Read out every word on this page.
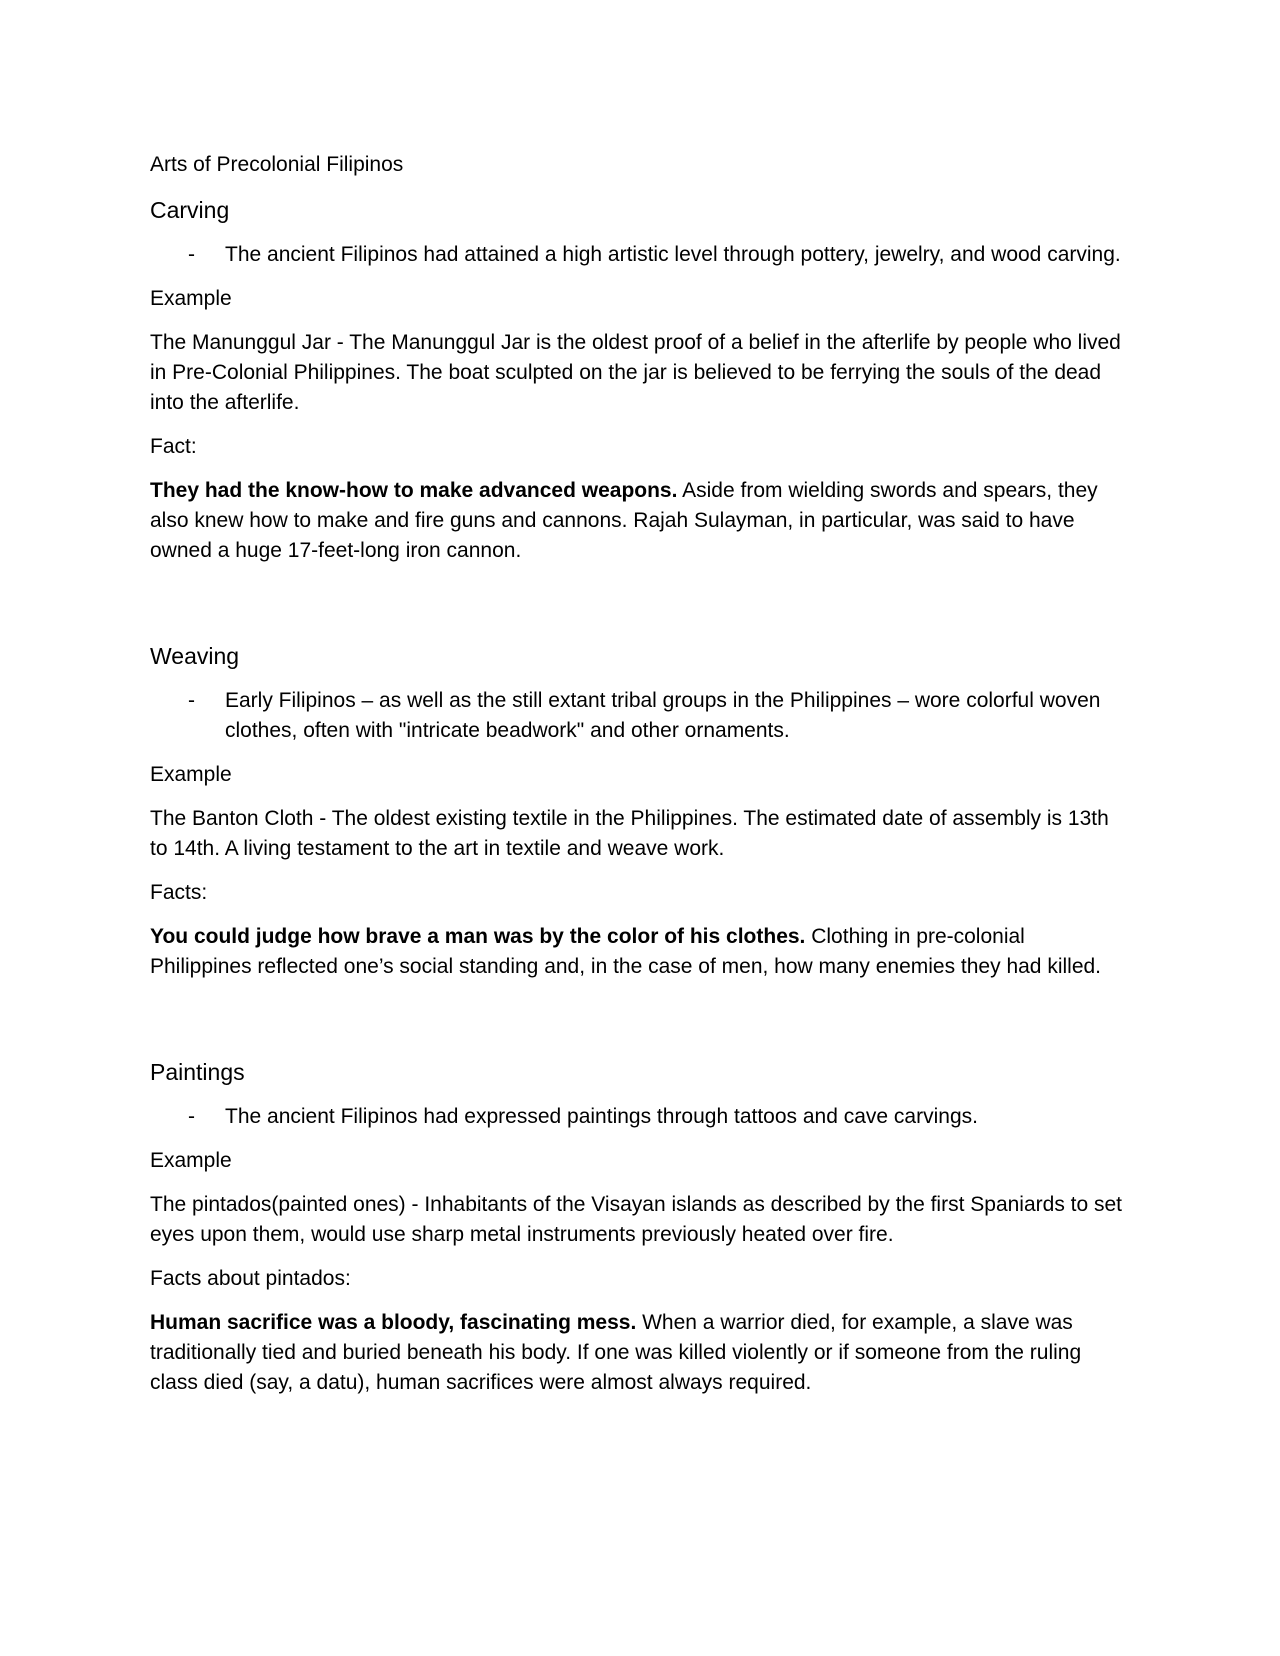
Arts of Precolonial Filipinos

Carving

- The ancient Filipinos had attained a high artistic level through pottery, jewelry, and wood carving.

Example

The Manunggul Jar - The Manunggul Jar is the oldest proof of a belief in the afterlife by people who lived in Pre-Colonial Philippines. The boat sculpted on the jar is believed to be ferrying the souls of the dead into the afterlife.

Fact:

They had the know-how to make advanced weapons. Aside from wielding swords and spears, they also knew how to make and fire guns and cannons. Rajah Sulayman, in particular, was said to have owned a huge 17-feet-long iron cannon.

Weaving

- Early Filipinos – as well as the still extant tribal groups in the Philippines – wore colorful woven clothes, often with "intricate beadwork" and other ornaments.

Example

The Banton Cloth - The oldest existing textile in the Philippines. The estimated date of assembly is 13th to 14th. A living testament to the art in textile and weave work.

Facts:

You could judge how brave a man was by the color of his clothes. Clothing in pre-colonial Philippines reflected one’s social standing and, in the case of men, how many enemies they had killed.

Paintings

- The ancient Filipinos had expressed paintings through tattoos and cave carvings.

Example

The pintados(painted ones) - Inhabitants of the Visayan islands as described by the first Spaniards to set eyes upon them, would use sharp metal instruments previously heated over fire.

Facts about pintados:

Human sacrifice was a bloody, fascinating mess. When a warrior died, for example, a slave was traditionally tied and buried beneath his body. If one was killed violently or if someone from the ruling class died (say, a datu), human sacrifices were almost always required.
